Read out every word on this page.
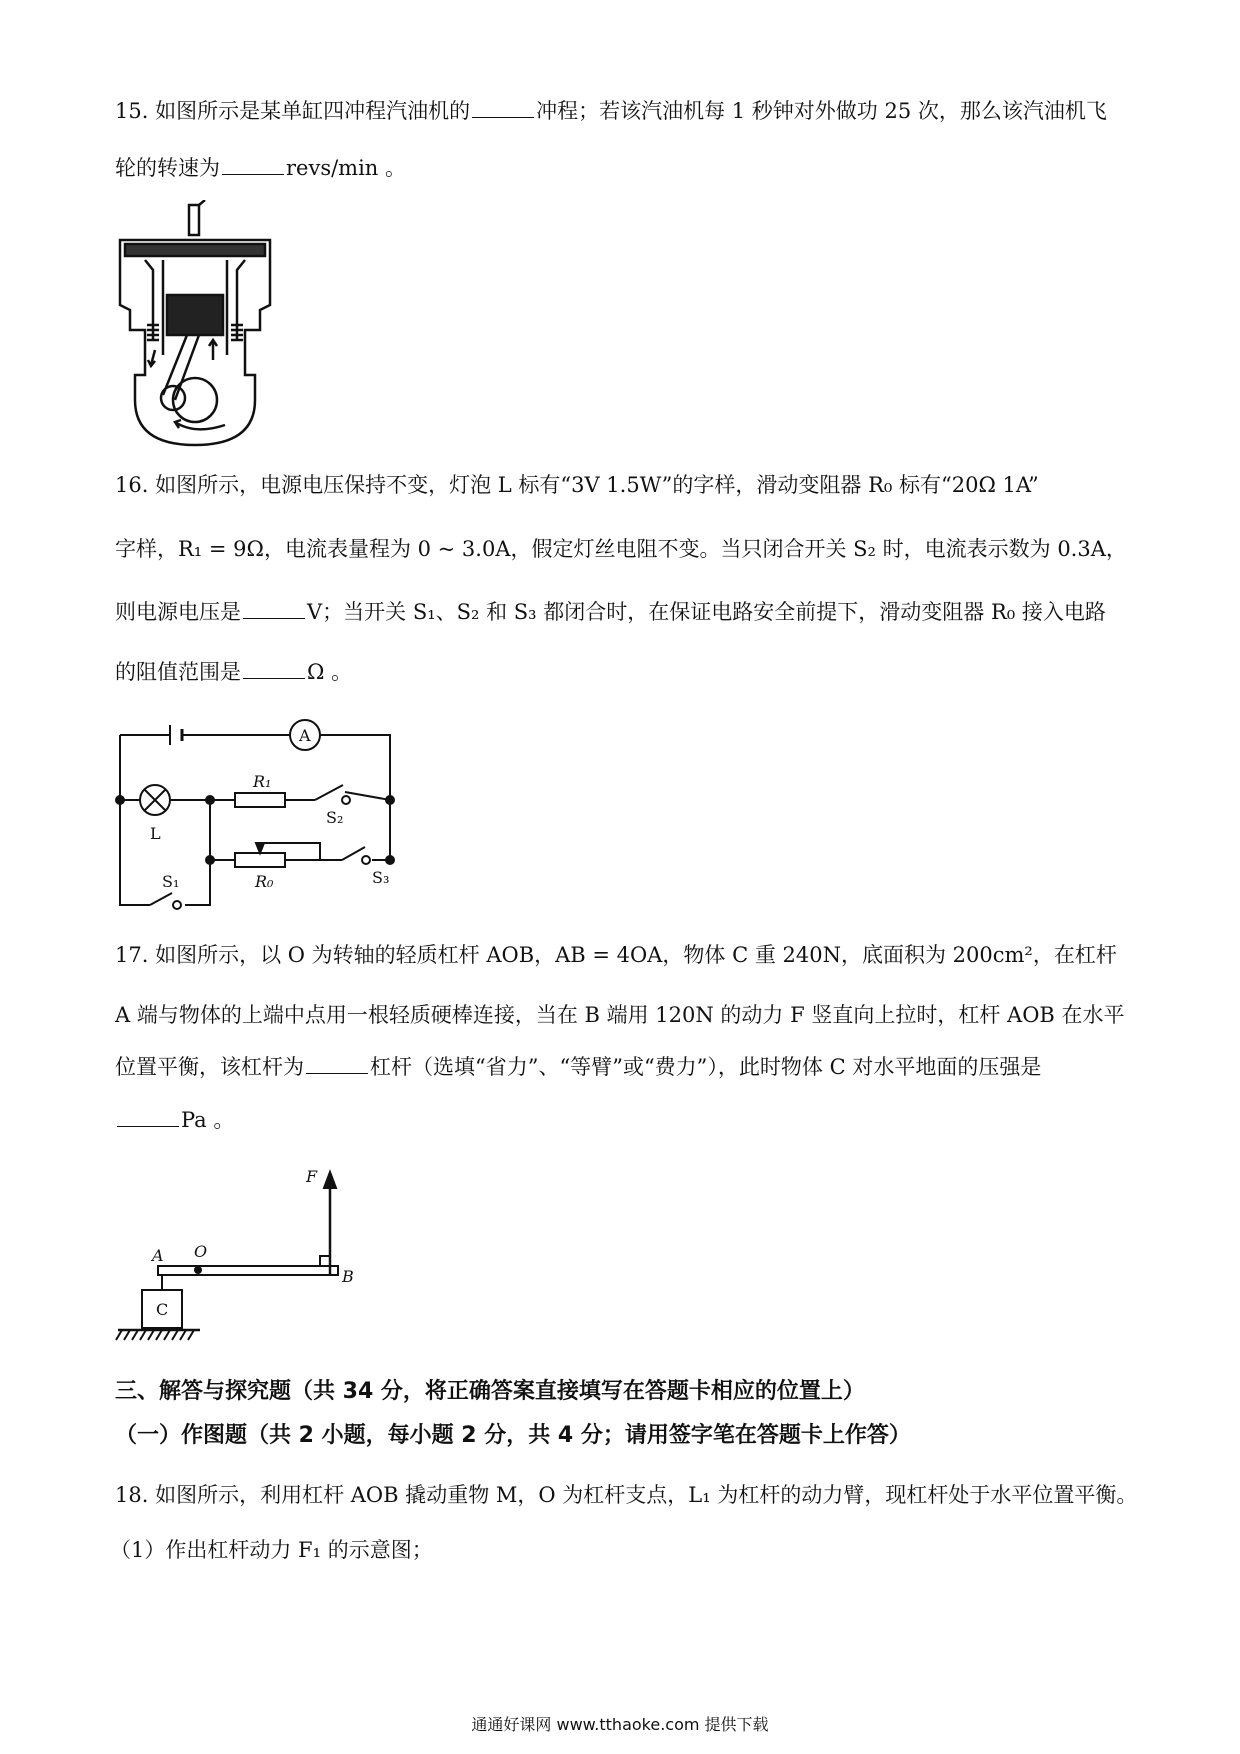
15. 如图所示是某单缸四冲程汽油机的	冲程；若该汽油机每 1 秒钟对外做功 25 次，那么该汽油机飞
轮的转速为	revs/min 。
16. 如图所示，电源电压保持不变，灯泡 L 标有“3V 1.5W”的字样，滑动变阻器 R₀ 标有“20Ω 1A”
字样，R₁ = 9Ω，电流表量程为 0 ~ 3.0A，假定灯丝电阻不变。当只闭合开关 S₂ 时，电流表示数为 0.3A，
则电源电压是	V；当开关 S₁、S₂ 和 S₃ 都闭合时，在保证电路安全前提下，滑动变阻器 R₀ 接入电路
的阻值范围是	Ω 。
A
L
R₁
S₂
R₀	S₃
S₁
17. 如图所示，以 O 为转轴的轻质杠杆 AOB，AB = 4OA，物体 C 重 240N，底面积为 200cm²，在杠杆
A 端与物体的上端中点用一根轻质硬棒连接，当在 B 端用 120N 的动力 F 竖直向上拉时，杠杆 AOB 在水平
位置平衡，该杠杆为	杠杆（选填“省力”、“等臂”或“费力”），此时物体 C 对水平地面的压强是
Pa 。
F
A O
B
C
三、解答与探究题（共 34 分，将正确答案直接填写在答题卡相应的位置上）
（一）作图题（共 2 小题，每小题 2 分，共 4 分；请用签字笔在答题卡上作答）
18. 如图所示，利用杠杆 AOB 撬动重物 M，O 为杠杆支点，L₁ 为杠杆的动力臂，现杠杆处于水平位置平衡。
（1）作出杠杆动力 F₁ 的示意图；
通通好课网 www.tthaoke.com 提供下载
